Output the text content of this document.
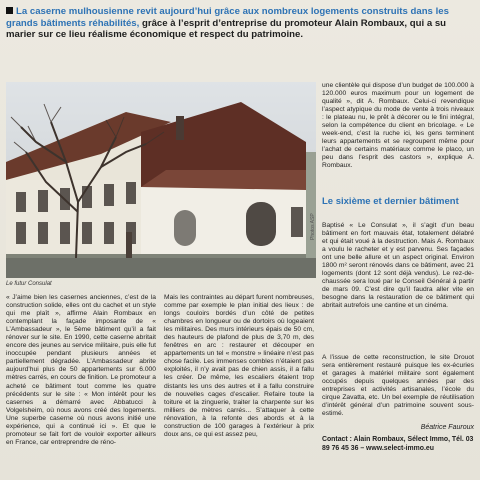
La caserne mulhousienne revit aujourd’hui grâce aux nombreux logements construits dans les grands bâtiments réhabilités, grâce à l’esprit d’entreprise du promoteur Alain Rombaux, qui a su marier sur ce lieu réalisme économique et respect du patrimoine.
Photos ASP
Le futur Consulat

« J’aime bien les casernes anciennes, c’est de la construction solide, elles ont du cachet et un style qui me plaît », affirme Alain Rombaux en contemplant la façade imposante de « L’Ambassadeur », le 5ème bâtiment qu’il a fait rénover sur le site. En 1990, cette caserne abritait encore des jeunes au service militaire, puis elle fut inoccupée pendant plusieurs années et partiellement dégradée. L’Ambassadeur abrite aujourd’hui plus de 50 appartements sur 6.000 mètres carrés, en cours de finition. Le promoteur a acheté ce bâtiment tout comme les quatre précédents sur le site : « Mon intérêt pour les casernes a démarré avec Abbatucci à Volgelsheim, où nous avons créé des logements. Une superbe caserne où nous avons initié une expérience, qui a continué ici ». Et que le promoteur se fait fort de vouloir exporter ailleurs en France, car entreprendre de réno-

Mais les contraintes au départ furent nombreuses, comme par exemple le plan initial des lieux : de longs couloirs bordés d’un côté de petites chambres en longueur ou de dortoirs où logeaient les militaires. Des murs intérieurs épais de 50 cm, des hauteurs de plafond de plus de 3,70 m, des fenêtres en arc : restaurer et découper en appartements un tel « monstre » linéaire n’est pas chose facile. Les immenses combles n’étaient pas exploités, il n’y avait pas de chien assis, il a fallu les créer. De même, les escaliers étaient trop distants les uns des autres et il a fallu construire de nouvelles cages d’escalier. Refaire toute la toiture et la zinguerie, traiter la charpente sur les milliers de mètres carrés... S’attaquer à cette rénovation, à la refonte des abords et à la construction de 100 garages à l’extérieur à prix doux ans, ce qui est assez peu,

une clientèle qui dispose d’un budget de 100.000 à 120.000 euros maximum pour un logement de qualité », dit A. Rombaux. Celui-ci revendique l’aspect atypique du mode de vente à trois niveaux : le plateau nu, le prêt à décorer ou le fini intégral, selon la compétence du client en bricolage. « Le week-end, c’est la ruche ici, les gens terminent leurs appartements et se regroupent même pour l’achat de certains matériaux comme le placo, un peu dans l’esprit des castors », explique A. Rombaux.

Le sixième et dernier bâtiment

Baptisé « Le Consulat », il s’agit d’un beau bâtiment en fort mauvais état, totalement délabré et qui était voué à la destruction. Mais A. Rombaux a voulu le racheter et y est parvenu. Ses façades ont une belle allure et un aspect original. Environ 1800 m² seront rénovés dans ce bâtiment, avec 21 logements (dont 12 sont déjà vendus). Le rez-de-chaussée sera loué par le Conseil Général à partir de mars 09. C’est dire qu’il faudra aller vite en besogne dans la restauration de ce bâtiment qui abritait autrefois une cantine et un cinéma.

A l’issue de cette reconstruction, le site Drouot sera entièrement restauré puisque les ex-écuries et garages à matériel militaire sont également occupés depuis quelques années par des entreprises et activités artisanales, l’école du cirque Zavatta, etc. Un bel exemple de réutilisation d’intérêt général d’un patrimoine souvent sous-estimé.

Béatrice Fauroux
Contact : Alain Rombaux, Sélect Immo, Tél. 03 89 76 45 36 – www.select-immo.eu
